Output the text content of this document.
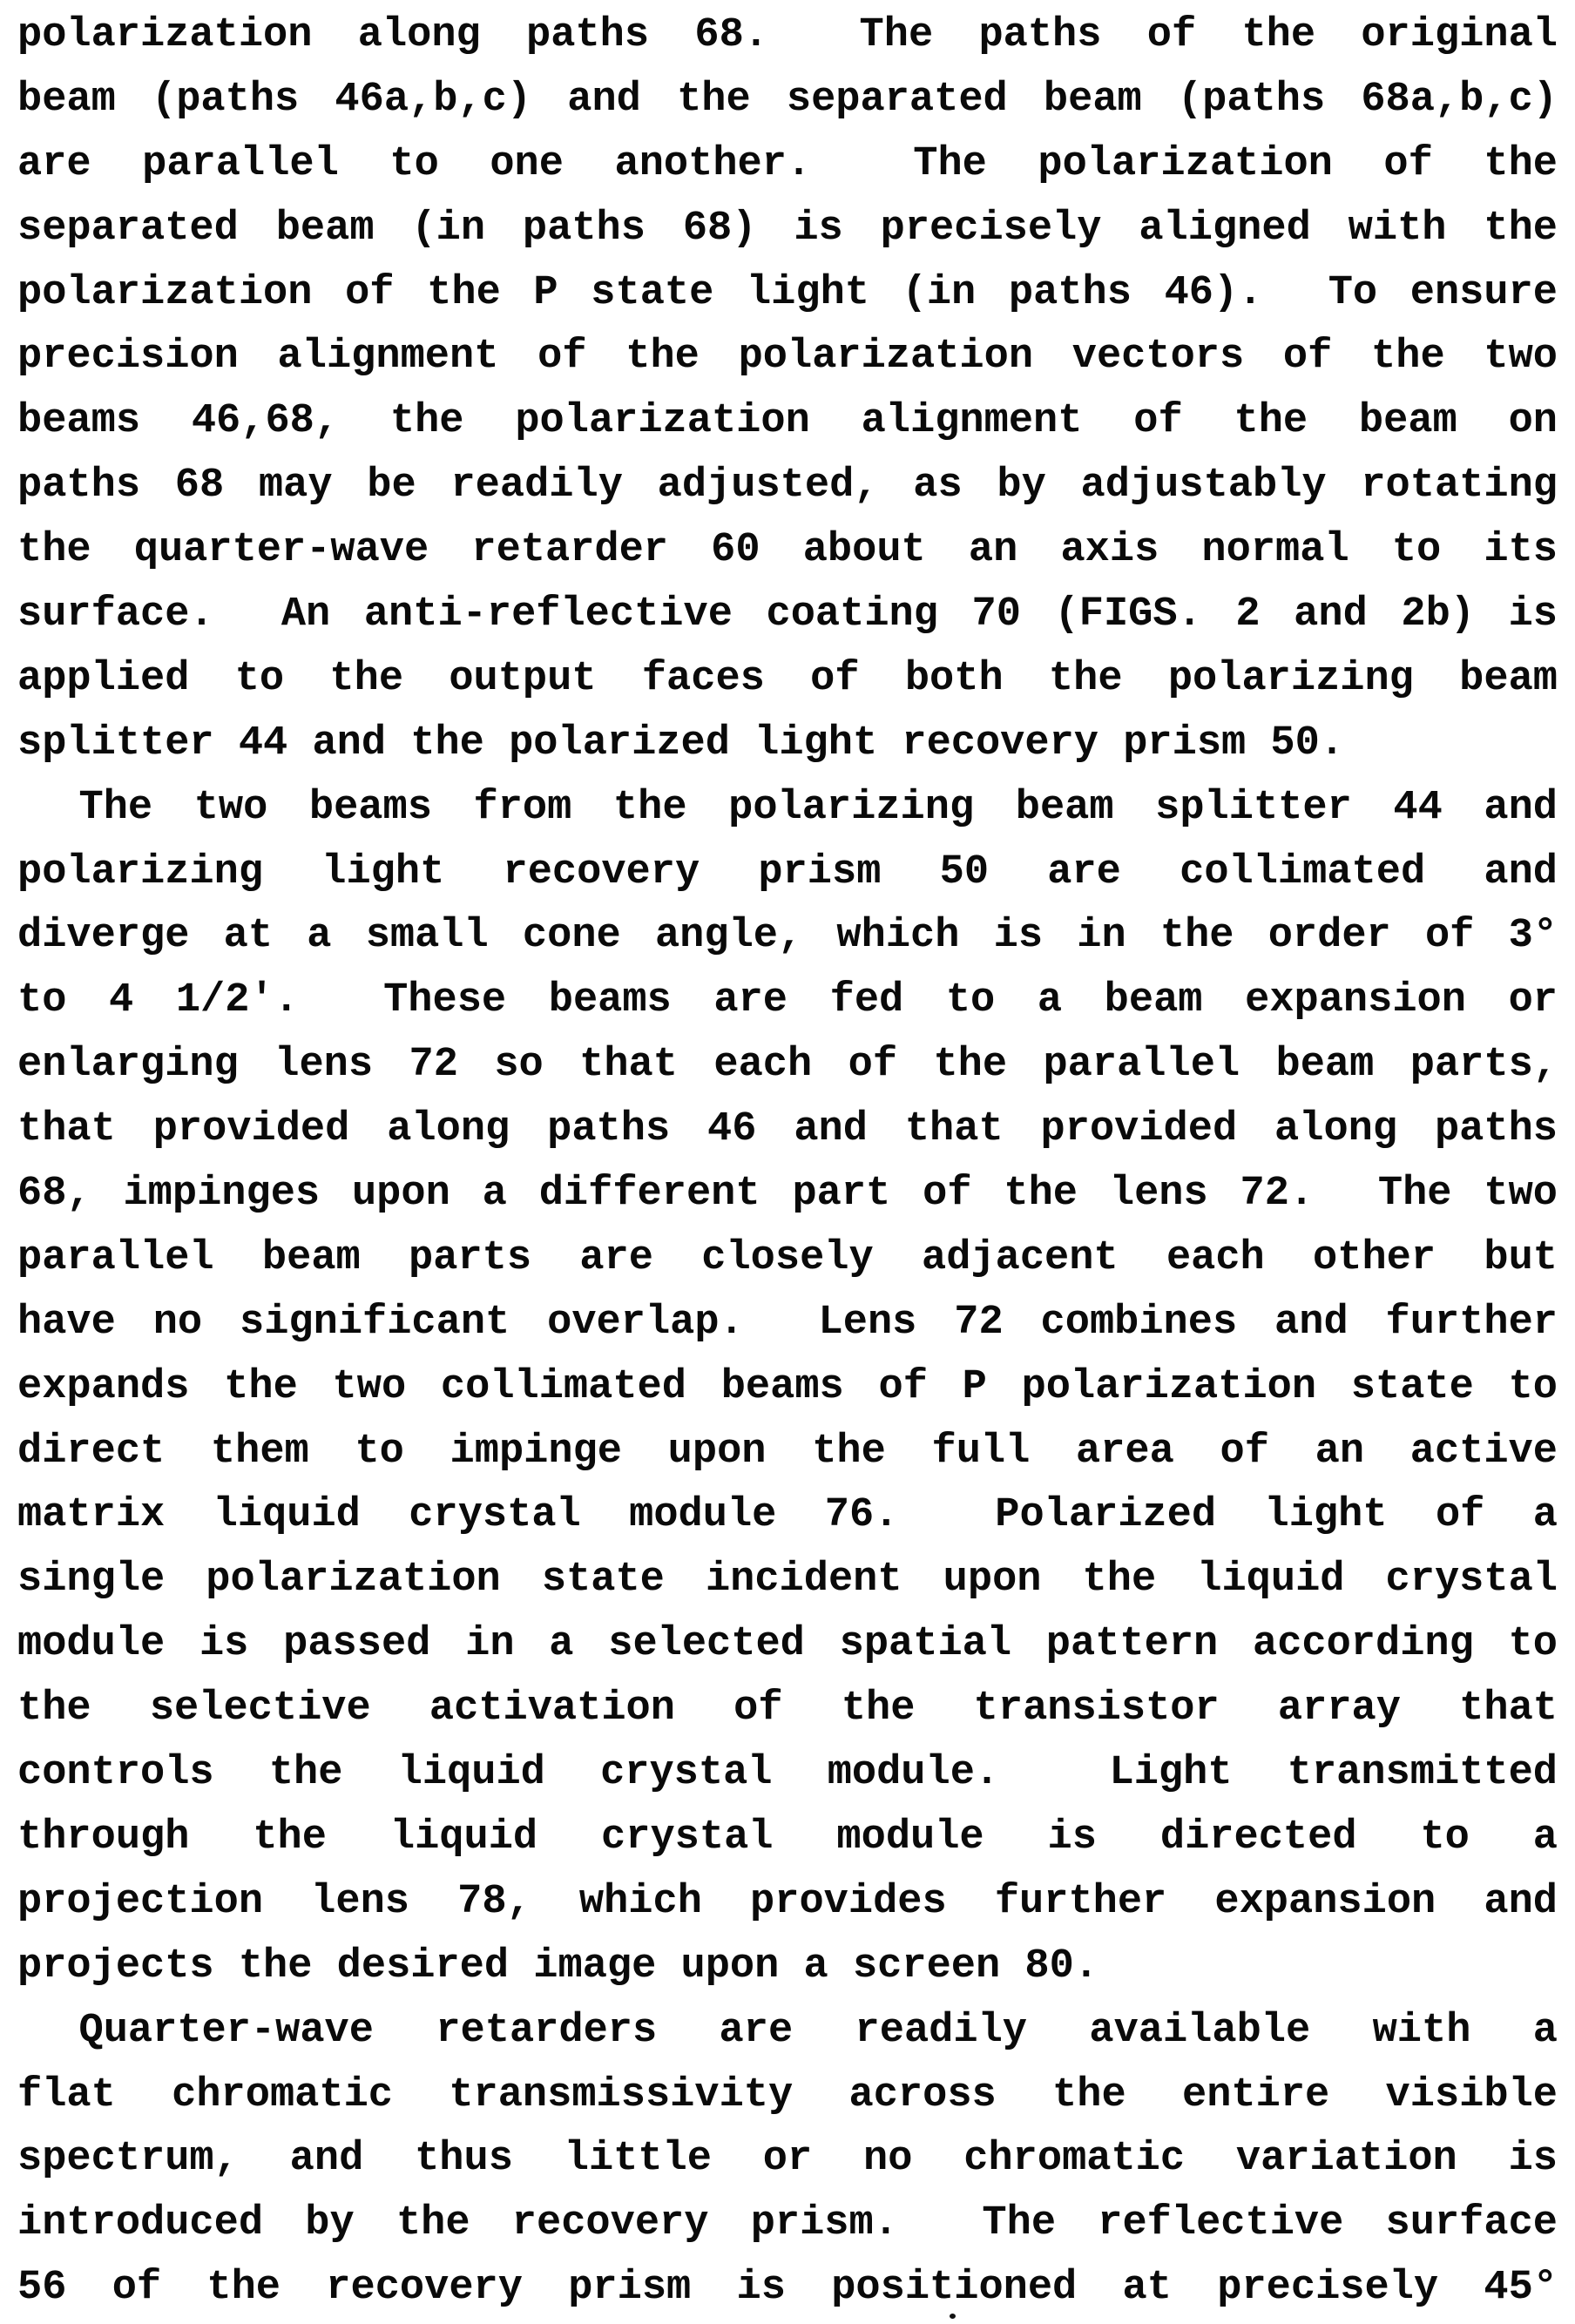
polarization along paths 68.  The paths of the original
beam (paths 46a,b,c) and the separated beam (paths 68a,b,c)
are parallel to one another.  The polarization of the
separated beam (in paths 68) is precisely aligned with the
polarization of the P state light (in paths 46).  To ensure
precision alignment of the polarization vectors of the two
beams 46,68, the polarization alignment of the beam on
paths 68 may be readily adjusted, as by adjustably rotating
the quarter-wave retarder 60 about an axis normal to its
surface.  An anti-reflective coating 70 (FIGS. 2 and 2b) is
applied to the output faces of both the polarizing beam
splitter 44 and the polarized light recovery prism 50.
The two beams from the polarizing beam splitter 44 and
polarizing light recovery prism 50 are collimated and
diverge at a small cone angle, which is in the order of 3°
to 4 1/2'.  These beams are fed to a beam expansion or
enlarging lens 72 so that each of the parallel beam parts,
that provided along paths 46 and that provided along paths
68, impinges upon a different part of the lens 72.  The two
parallel beam parts are closely adjacent each other but
have no significant overlap.  Lens 72 combines and further
expands the two collimated beams of P polarization state to
direct them to impinge upon the full area of an active
matrix liquid crystal module 76.  Polarized light of a
single polarization state incident upon the liquid crystal
module is passed in a selected spatial pattern according to
the selective activation of the transistor array that
controls the liquid crystal module.  Light transmitted
through the liquid crystal module is directed to a
projection lens 78, which provides further expansion and
projects the desired image upon a screen 80.
Quarter-wave retarders are readily available with a
flat chromatic transmissivity across the entire visible
spectrum, and thus little or no chromatic variation is
introduced by the recovery prism.  The reflective surface
56 of the recovery prism is positioned at precisely 45°
